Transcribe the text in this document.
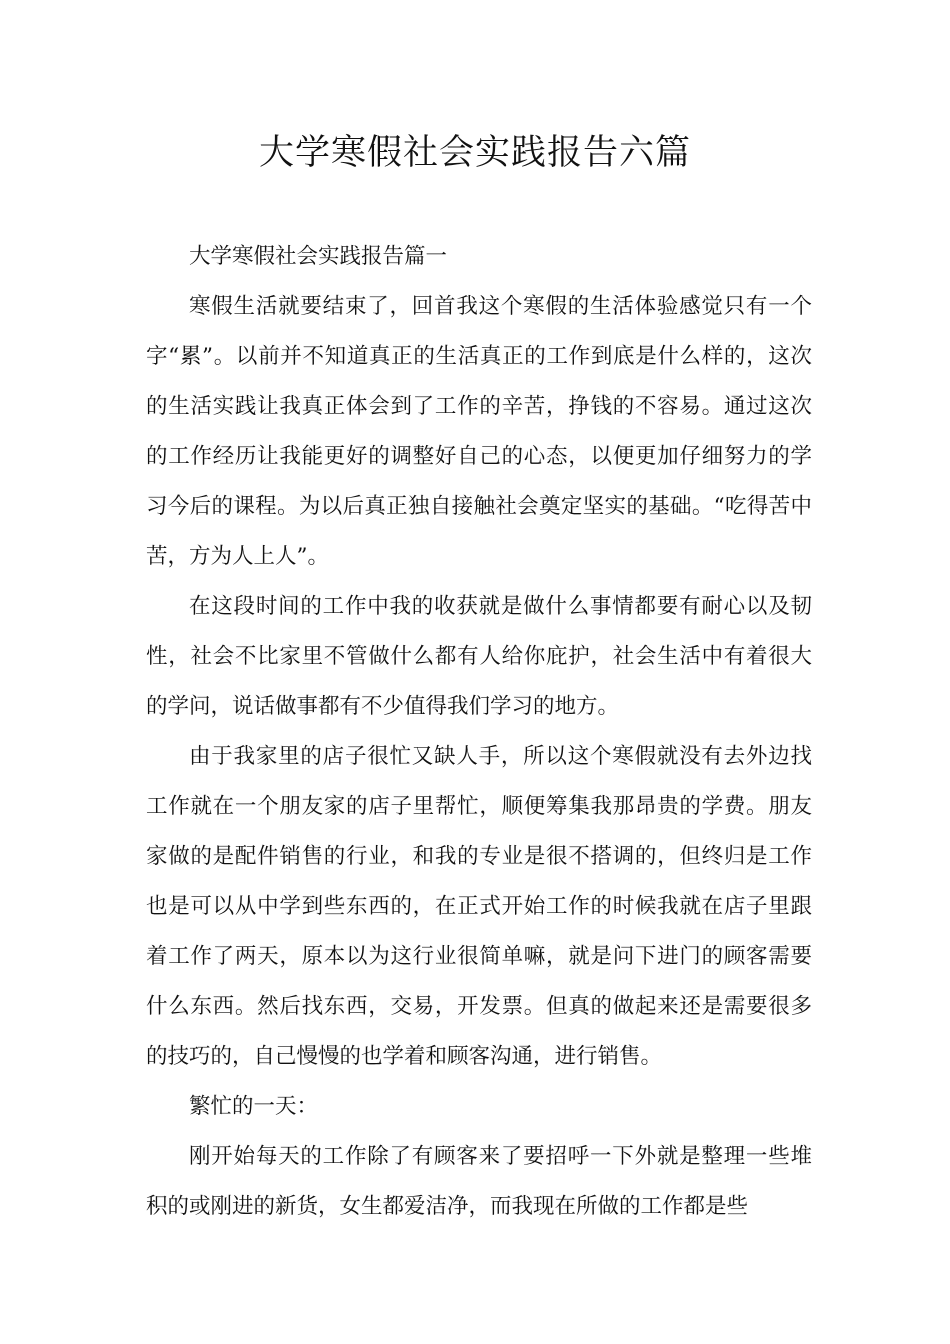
大学寒假社会实践报告六篇

大学寒假社会实践报告篇一

寒假生活就要结束了，回首我这个寒假的生活体验感觉只有一个字“累”。以前并不知道真正的生活真正的工作到底是什么样的，这次的生活实践让我真正体会到了工作的辛苦，挣钱的不容易。通过这次的工作经历让我能更好的调整好自己的心态，以便更加仔细努力的学习今后的课程。为以后真正独自接触社会奠定坚实的基础。“吃得苦中苦，方为人上人”。

在这段时间的工作中我的收获就是做什么事情都要有耐心以及韧性，社会不比家里不管做什么都有人给你庇护，社会生活中有着很大的学问，说话做事都有不少值得我们学习的地方。

由于我家里的店子很忙又缺人手，所以这个寒假就没有去外边找工作就在一个朋友家的店子里帮忙，顺便筹集我那昂贵的学费。朋友家做的是配件销售的行业，和我的专业是很不搭调的，但终归是工作也是可以从中学到些东西的，在正式开始工作的时候我就在店子里跟着工作了两天，原本以为这行业很简单嘛，就是问下进门的顾客需要什么东西。然后找东西，交易，开发票。但真的做起来还是需要很多的技巧的，自己慢慢的也学着和顾客沟通，进行销售。

繁忙的一天：

刚开始每天的工作除了有顾客来了要招呼一下外就是整理一些堆积的或刚进的新货，女生都爱洁净，而我现在所做的工作都是些
